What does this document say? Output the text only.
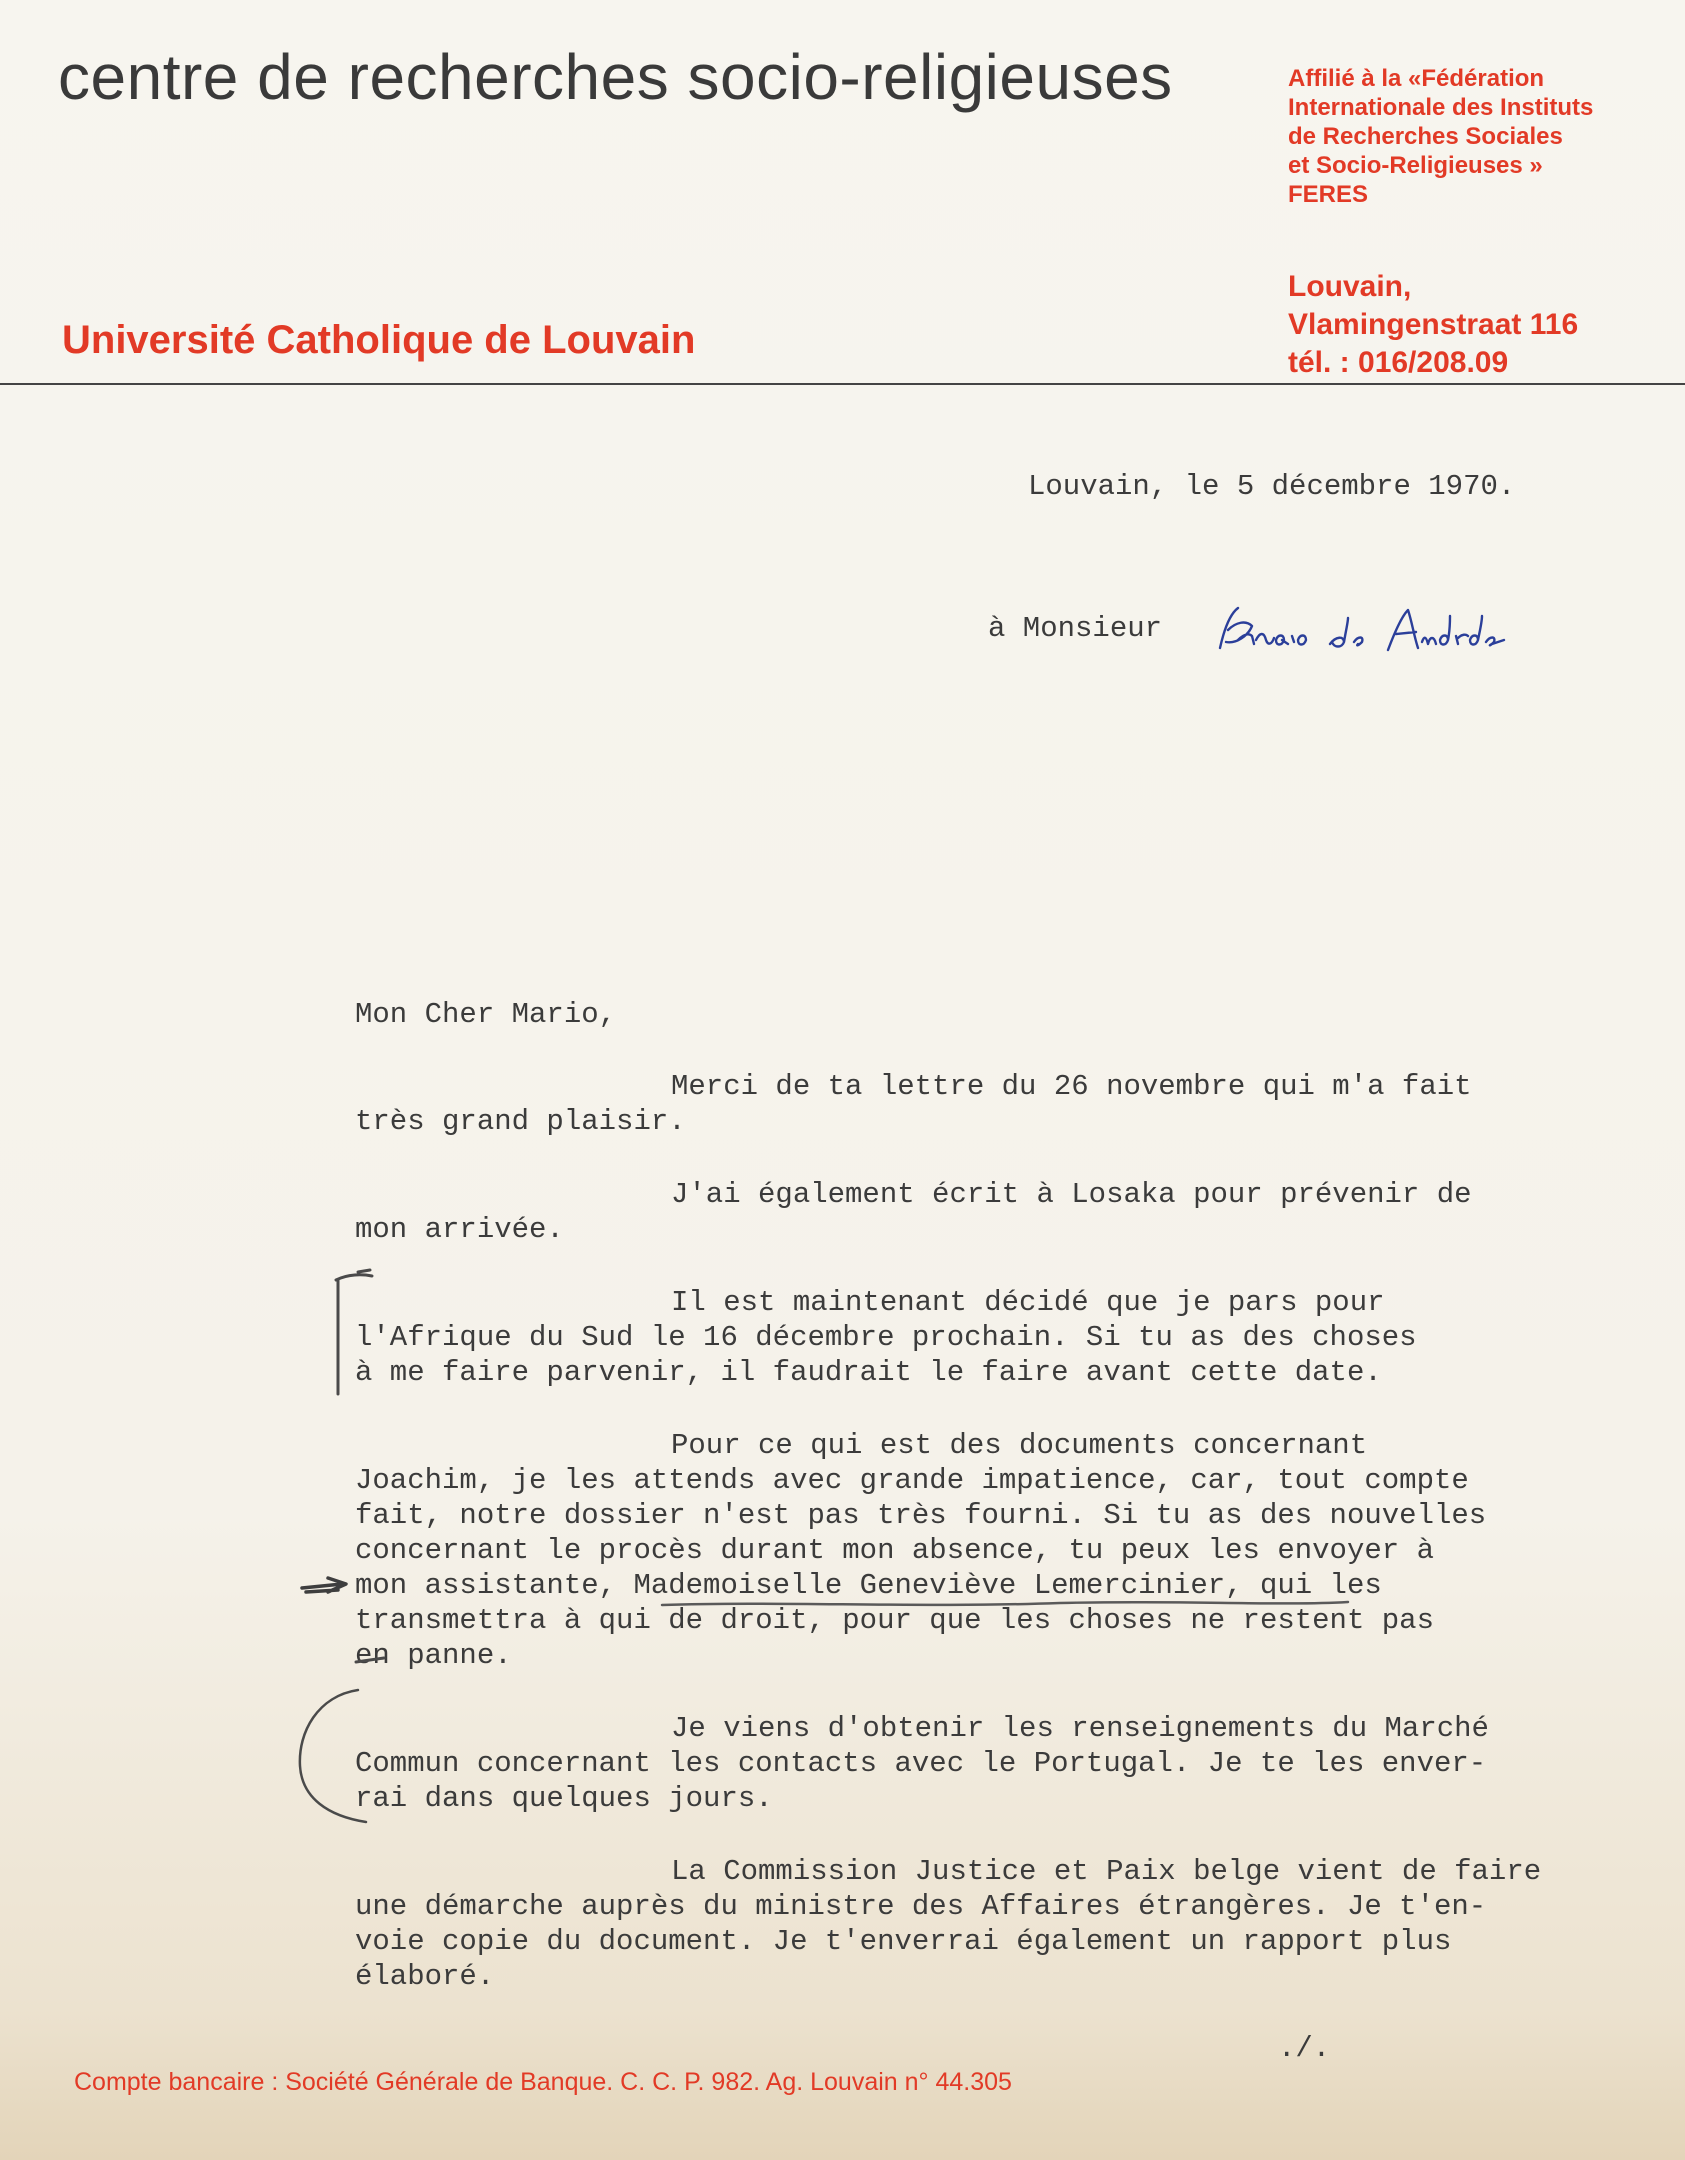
centre de recherches socio-religieuses	Affilié à la «Fédération
Internationale des Instituts
de Recherches Sociales
et Socio-Religieuses »
FERES
Louvain,
Vlamingenstraat 116
tél. : 016/208.09
Université Catholique de Louvain
Louvain, le 5 décembre 1970.
à Monsieur
Mon Cher Mario,
Merci de ta lettre du 26 novembre qui m'a fait
très grand plaisir.
J'ai également écrit à Losaka pour prévenir de
mon arrivée.
Il est maintenant décidé que je pars pour
l'Afrique du Sud le 16 décembre prochain. Si tu as des choses
à me faire parvenir, il faudrait le faire avant cette date.
Pour ce qui est des documents concernant
Joachim, je les attends avec grande impatience, car, tout compte
fait, notre dossier n'est pas très fourni. Si tu as des nouvelles
concernant le procès durant mon absence, tu peux les envoyer à
mon assistante, Mademoiselle Geneviève Lemercinier, qui les
transmettra à qui de droit, pour que les choses ne restent pas
en panne.
Je viens d'obtenir les renseignements du Marché
Commun concernant les contacts avec le Portugal. Je te les enver-
rai dans quelques jours.
La Commission Justice et Paix belge vient de faire
une démarche auprès du ministre des Affaires étrangères. Je t'en-
voie copie du document. Je t'enverrai également un rapport plus
élaboré.
./.
Compte bancaire : Société Générale de Banque. C. C. P. 982. Ag. Louvain n° 44.305
